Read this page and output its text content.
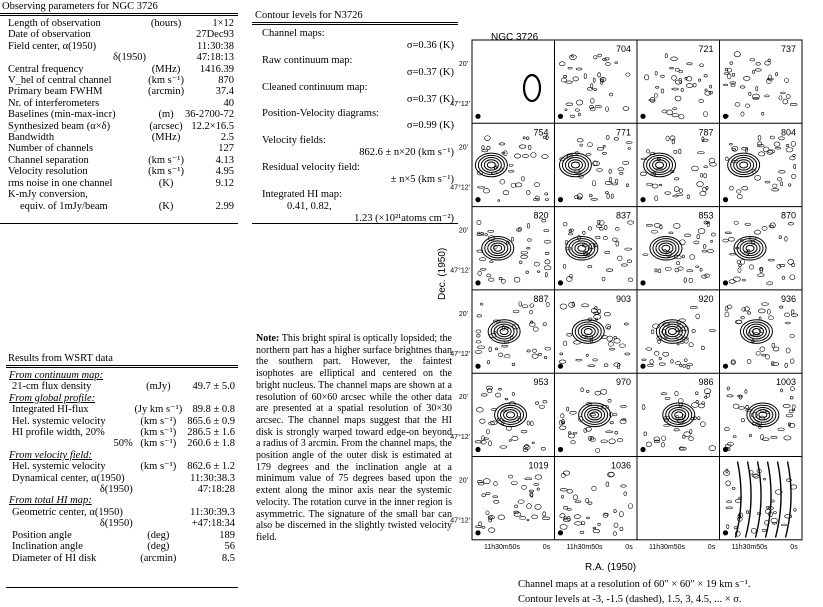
Observing parameters for NGC 3726
Length of observation	(hours)	1×12
Date of observation		27Dec93
Field center, α(1950)		11:30:38
δ(1950)		47:18:13
Central frequency	(MHz)	1416.39
V_hel of central channel	(km s⁻¹)	870
Primary beam FWHM	(arcmin)	37.4
Nr. of interferometers		40
Baselines (min-max-incr)	(m)	36-2700-72
Synthesized beam (α×δ)	(arcsec)	12.2×16.5
Bandwidth	(MHz)	2.5
Number of channels		127
Channel separation	(km s⁻¹)	4.13
Velocity resolution	(km s⁻¹)	4.95
rms noise in one channel	(K)	9.12
K-mJy conversion,		
equiv. of 1mJy/beam	(K)	2.99
Contour levels for N3726
Channel maps:
σ=0.36 (K)
Raw continuum map:
σ=0.37 (K)
Cleaned continuum map:
σ=0.37 (K)
Position-Velocity diagrams:
σ=0.99 (K)
Velocity fields:
862.6 ± n×20 (km s⁻¹)
Residual velocity field:
± n×5 (km s⁻¹)
Integrated HI map:
0.41, 0.82,
1.23 (×10²¹atoms cm⁻²)
Results from WSRT data
From continuum map:		
21-cm flux density	(mJy)	49.7 ± 5.0
From global profile:		
Integrated HI-flux	(Jy km s⁻¹)	89.8 ± 0.8
Hel. systemic velocity	(km s⁻¹)	865.6 ± 0.9
HI profile width, 20%	(km s⁻¹)	286.5 ± 1.6
50%	(km s⁻¹)	260.6 ± 1.8
From velocity field:		
Hel. systemic velocity	(km s⁻¹)	862.6 ± 1.2
Dynamical center, α(1950)		11:30:38.3
δ(1950)		47:18:28
From total HI map:		
Geometric center, α(1950)		11:30:39.3
δ(1950)		+47:18:34
Position angle	(deg)	189
Inclination angle	(deg)	56
Diameter of HI disk	(arcmin)	8.5
Note: This bright spiral is optically lopsided; the northern part has a higher surface brightnes than the southern part. However, the faintest isophotes are elliptical and centered on the bright nucleus. The channel maps are shown at a resolution of 60×60 arcsec while the other data are presented at a spatial resolution of 30×30 arcsec. The channel maps suggest that the HI disk is strongly warped toward edge-on beyond a radius of 3 arcmin. From the channel maps, the position angle of the outer disk is estimated at 179 degrees and the inclination angle at a minimum value of 75 degrees based upon the extent along the minor axis near the systemic velocity. The rotation curve in the inner region is asymmetric. The signature of the small bar can also be discerned in the slightly twisted velocity field.
NGC 3726
Dec. (1950)
R.A. (1950)
704	721	737
754	771	787	804
820	837	853	870
887	903	920	936
953	970	986	1003
1019	1036
20'
47°12'
20'
47°12'
20'
47°12'
20'
47°12'
20'
47°12'
20'
47°12'
11h30m50s	0s 11h30m50s	0s 11h30m50s	0s 11h30m50s	0s
Channel maps at a resolution of 60″ × 60″ × 19 km s⁻¹.
Contour levels at -3, -1.5 (dashed), 1.5, 3, 4.5, ... × σ.
